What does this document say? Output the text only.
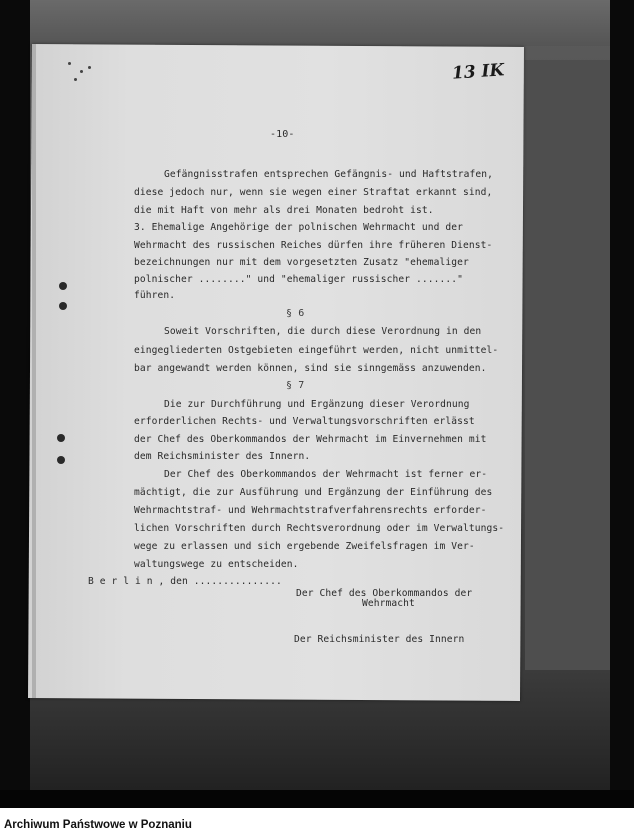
13 IK
-10-
Gefängnisstrafen entsprechen Gefängnis- und Haftstrafen,
diese jedoch nur, wenn sie wegen einer Straftat erkannt sind,
die mit Haft von mehr als drei Monaten bedroht ist.
3. Ehemalige Angehörige der polnischen Wehrmacht und der
Wehrmacht des russischen Reiches dürfen ihre früheren Dienst-
bezeichnungen nur mit dem vorgesetzten Zusatz "ehemaliger
polnischer ........" und "ehemaliger russischer ......."
führen.
§ 6
Soweit Vorschriften, die durch diese Verordnung in den
eingegliederten Ostgebieten eingeführt werden, nicht unmittel-
bar angewandt werden können, sind sie sinngemäss anzuwenden.
§ 7
Die zur Durchführung und Ergänzung dieser Verordnung
erforderlichen Rechts- und Verwaltungsvorschriften erlässt
der Chef des Oberkommandos der Wehrmacht im Einvernehmen mit
dem Reichsminister des Innern.
Der Chef des Oberkommandos der Wehrmacht ist ferner er-
mächtigt, die zur Ausführung und Ergänzung der Einführung des
Wehrmachtstraf- und Wehrmachtstrafverfahrensrechts erforder-
lichen Vorschriften durch Rechtsverordnung oder im Verwaltungs-
wege zu erlassen und sich ergebende Zweifelsfragen im Ver-
waltungswege zu entscheiden.
B e r l i n , den ...............
Der Chef des Oberkommandos der
Wehrmacht
Der Reichsminister des Innern
Archiwum Państwowe w Poznaniu
